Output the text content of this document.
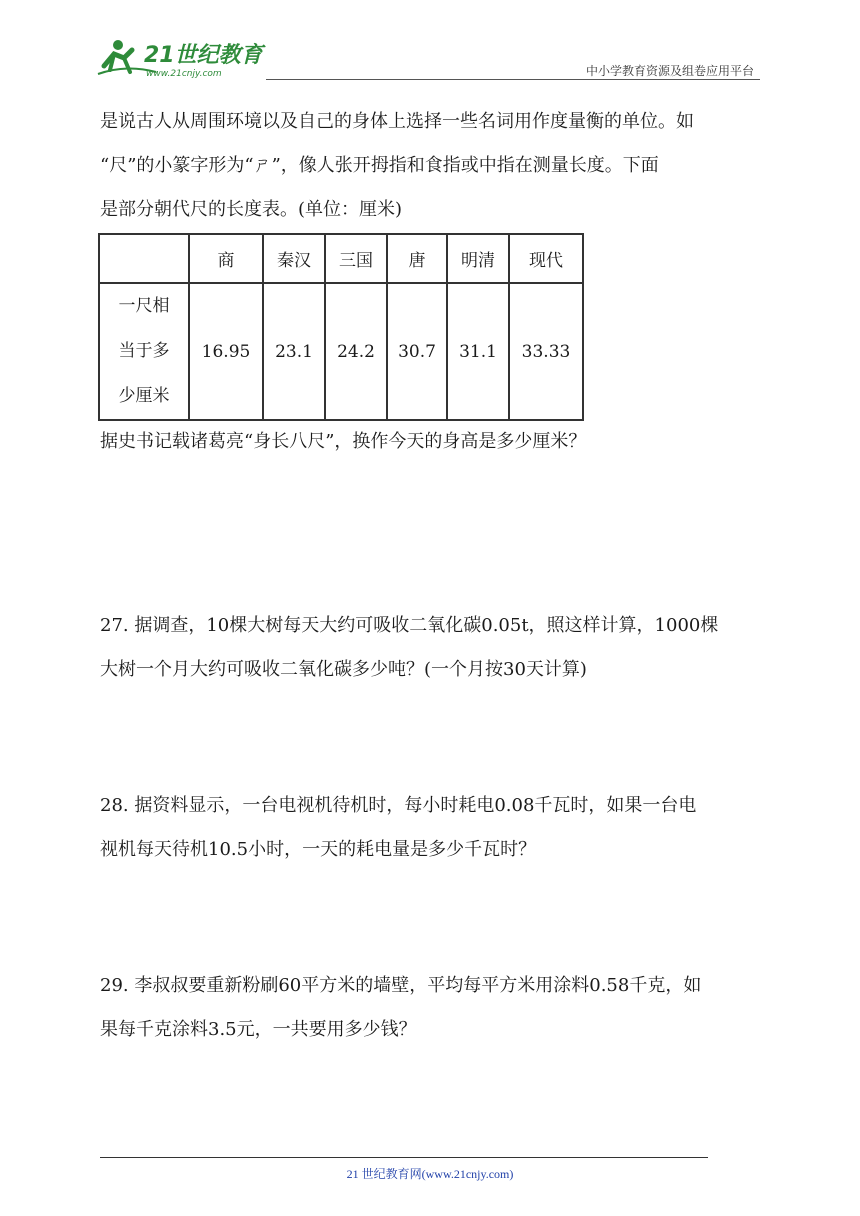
21世纪教育
www.21cnjy.com	中小学教育资源及组卷应用平台
是说古人从周围环境以及自己的身体上选择一些名词用作度量衡的单位。如
“尺”的小篆字形为“ㄕ”，像人张开拇指和食指或中指在测量长度。下面
是部分朝代尺的长度表。(单位：厘米)
	商	秦汉	三国	唐	明清	现代

一尺相
当于多
少厘米	16.95	23.1	24.2	30.7	31.1	33.33
据史书记载诸葛亮“身长八尺”，换作今天的身高是多少厘米？
27. 据调查，10棵大树每天大约可吸收二氧化碳0.05t，照这样计算，1000棵
大树一个月大约可吸收二氧化碳多少吨？(一个月按30天计算)
28. 据资料显示，一台电视机待机时，每小时耗电0.08千瓦时，如果一台电
视机每天待机10.5小时，一天的耗电量是多少千瓦时？
29. 李叔叔要重新粉刷60平方米的墙壁，平均每平方米用涂料0.58千克，如
果每千克涂料3.5元，一共要用多少钱？
21 世纪教育网(www.21cnjy.com)
